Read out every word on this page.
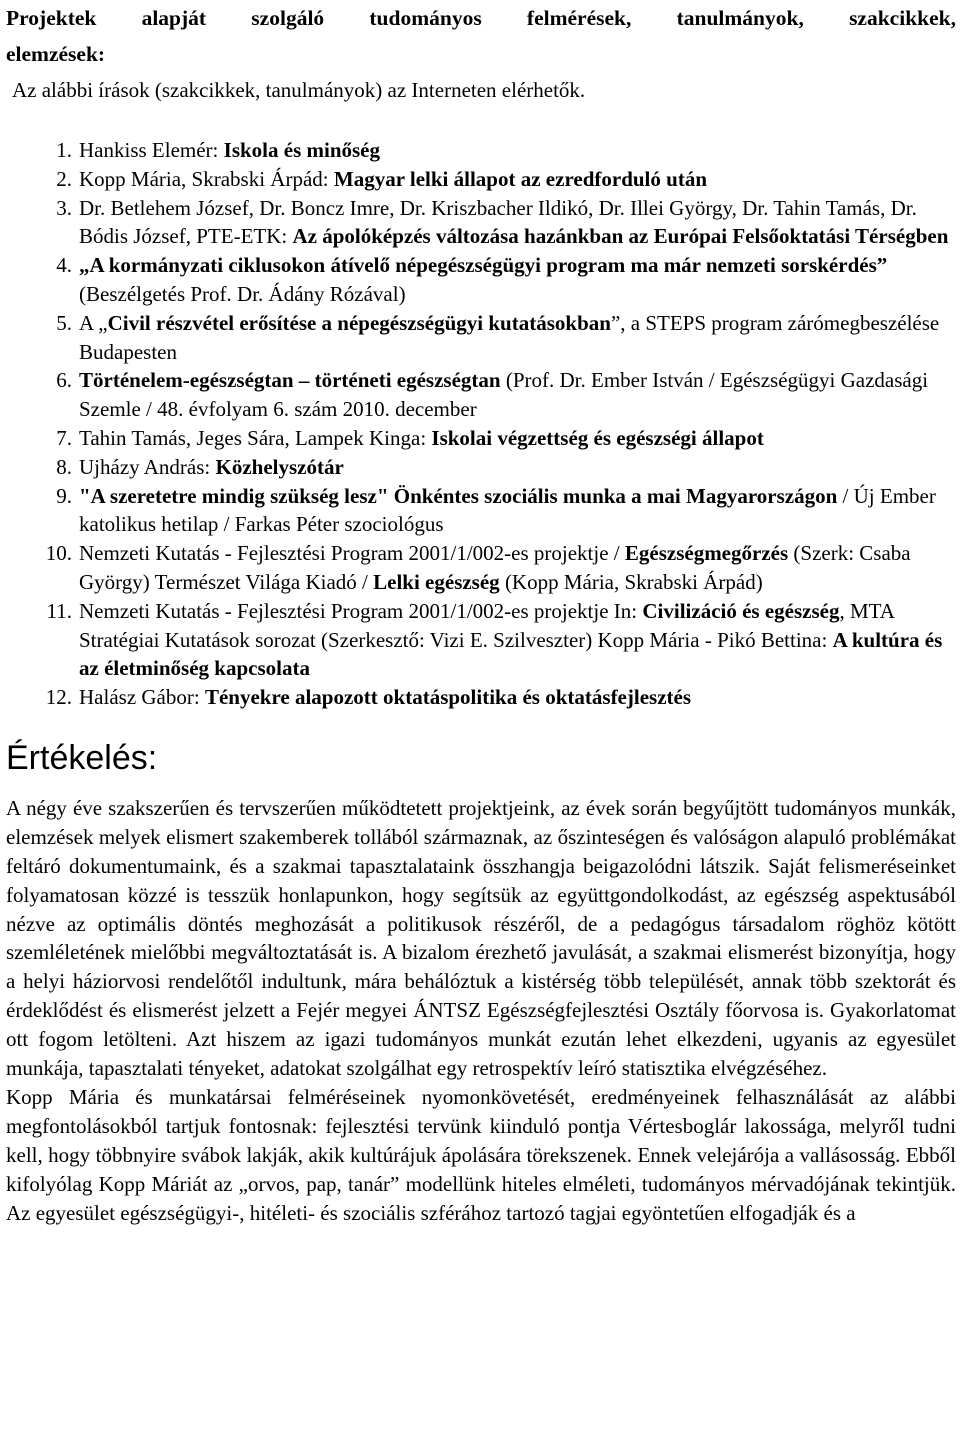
Projektek alapját szolgáló tudományos felmérések, tanulmányok, szakcikkek,

elemzések:

Az alábbi írások (szakcikkek, tanulmányok) az Interneten elérhetők.

1. Hankiss Elemér: Iskola és minőség
2. Kopp Mária, Skrabski Árpád: Magyar lelki állapot az ezredforduló után
3. Dr. Betlehem József, Dr. Boncz Imre, Dr. Kriszbacher Ildikó, Dr. Illei György, Dr. Tahin Tamás, Dr. Bódis József, PTE-ETK: Az ápolóképzés változása hazánkban az Európai Felsőoktatási Térségben
4. „A kormányzati ciklusokon átívelő népegészségügyi program ma már nemzeti sorskérdés” (Beszélgetés Prof. Dr. Ádány Rózával)
5. A „Civil részvétel erősítése a népegészségügyi kutatásokban”, a STEPS program zárómegbeszélése Budapesten
6. Történelem-egészségtan – történeti egészségtan (Prof. Dr. Ember István / Egészségügyi Gazdasági Szemle / 48. évfolyam 6. szám 2010. december
7. Tahin Tamás, Jeges Sára, Lampek Kinga: Iskolai végzettség és egészségi állapot
8. Ujházy András: Közhelyszótár
9. "A szeretetre mindig szükség lesz" Önkéntes szociális munka a mai Magyarországon / Új Ember katolikus hetilap / Farkas Péter szociológus
10. Nemzeti Kutatás - Fejlesztési Program 2001/1/002-es projektje / Egészségmegőrzés (Szerk: Csaba György) Természet Világa Kiadó / Lelki egészség (Kopp Mária, Skrabski Árpád)
11. Nemzeti Kutatás - Fejlesztési Program 2001/1/002-es projektje In: Civilizáció és egészség, MTA Stratégiai Kutatások sorozat (Szerkesztő: Vizi E. Szilveszter) Kopp Mária - Pikó Bettina: A kultúra és az életminőség kapcsolata
12. Halász Gábor: Tényekre alapozott oktatáspolitika és oktatásfejlesztés
Értékelés:

A négy éve szakszerűen és tervszerűen működtetett projektjeink, az évek során begyűjtött tudományos munkák, elemzések melyek elismert szakemberek tollából származnak, az őszinteségen és valóságon alapuló problémákat feltáró dokumentumaink, és a szakmai tapasztalataink összhangja beigazolódni látszik. Saját felismeréseinket folyamatosan közzé is tesszük honlapunkon, hogy segítsük az együttgondolkodást, az egészség aspektusából nézve az optimális döntés meghozását a politikusok részéről, de a pedagógus társadalom röghöz kötött szemléletének mielőbbi megváltoztatását is. A bizalom érezhető javulását, a szakmai elismerést bizonyítja, hogy a helyi háziorvosi rendelőtől indultunk, mára behálóztuk a kistérség több települését, annak több szektorát és érdeklődést és elismerést jelzett a Fejér megyei ÁNTSZ Egészségfejlesztési Osztály főorvosa is. Gyakorlatomat ott fogom letölteni. Azt hiszem az igazi tudományos munkát ezután lehet elkezdeni, ugyanis az egyesület munkája, tapasztalati tényeket, adatokat szolgálhat egy retrospektív leíró statisztika elvégzéséhez.

Kopp Mária és munkatársai felméréseinek nyomonkövetését, eredményeinek felhasználását az alábbi megfontolásokból tartjuk fontosnak: fejlesztési tervünk kiinduló pontja Vértesboglár lakossága, melyről tudni kell, hogy többnyire svábok lakják, akik kultúrájuk ápolására törekszenek. Ennek velejárója a vallásosság. Ebből kifolyólag Kopp Máriát az „orvos, pap, tanár” modellünk hiteles elméleti, tudományos mérvadójának tekintjük. Az egyesület egészségügyi-, hitéleti- és szociális szférához tartozó tagjai egyöntetűen elfogadják és a
